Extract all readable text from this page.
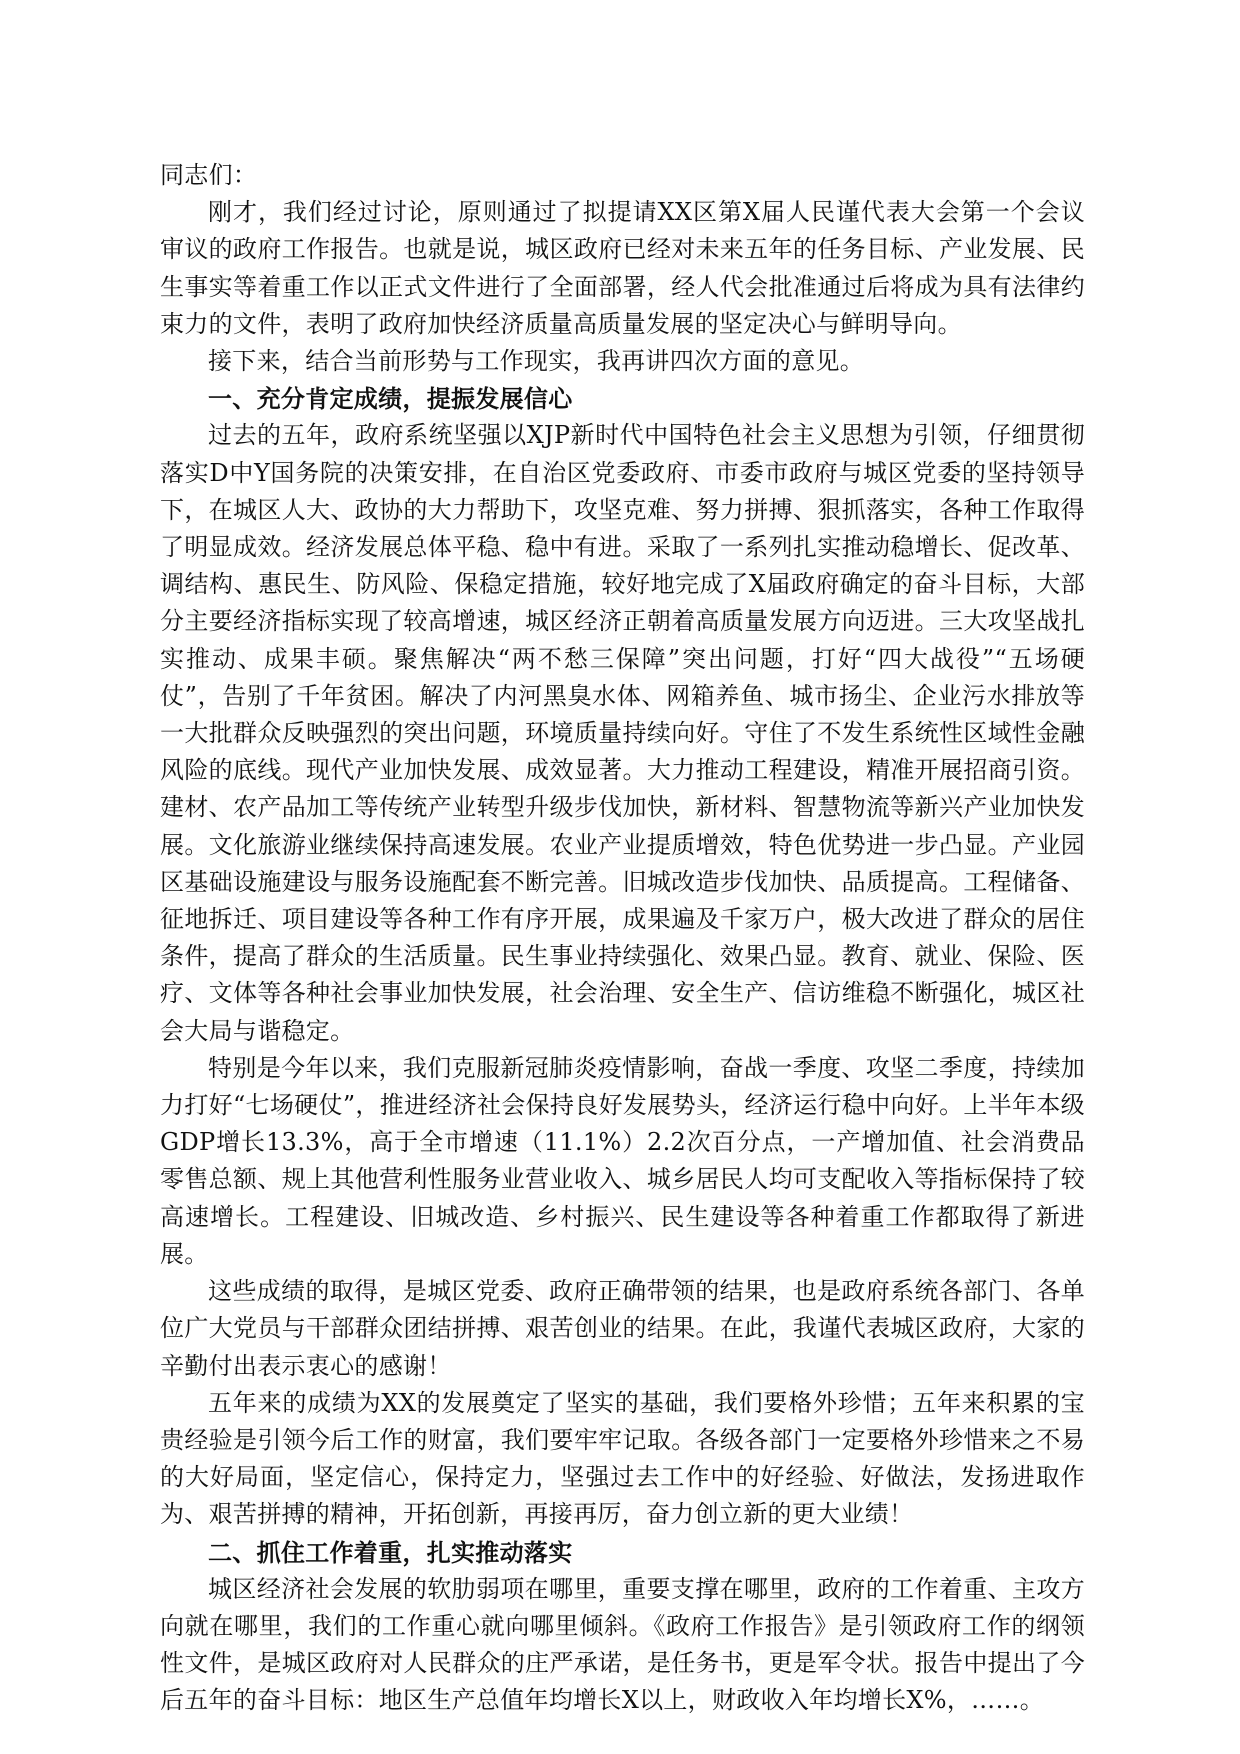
同志们：

刚才，我们经过讨论，原则通过了拟提请XX区第X届人民谨代表大会第一个会议审议的政府工作报告。也就是说，城区政府已经对未来五年的任务目标、产业发展、民生事实等着重工作以正式文件进行了全面部署，经人代会批准通过后将成为具有法律约束力的文件，表明了政府加快经济质量高质量发展的坚定决心与鲜明导向。

接下来，结合当前形势与工作现实，我再讲四次方面的意见。

一、充分肯定成绩，提振发展信心

过去的五年，政府系统坚强以XJP新时代中国特色社会主义思想为引领，仔细贯彻落实D中Y国务院的决策安排，在自治区党委政府、市委市政府与城区党委的坚持领导下，在城区人大、政协的大力帮助下，攻坚克难、努力拼搏、狠抓落实，各种工作取得了明显成效。经济发展总体平稳、稳中有进。采取了一系列扎实推动稳增长、促改革、调结构、惠民生、防风险、保稳定措施，较好地完成了X届政府确定的奋斗目标，大部分主要经济指标实现了较高增速，城区经济正朝着高质量发展方向迈进。三大攻坚战扎实推动、成果丰硕。聚焦解决“两不愁三保障”突出问题，打好“四大战役”“五场硬仗”，告别了千年贫困。解决了内河黑臭水体、网箱养鱼、城市扬尘、企业污水排放等一大批群众反映强烈的突出问题，环境质量持续向好。守住了不发生系统性区域性金融风险的底线。现代产业加快发展、成效显著。大力推动工程建设，精准开展招商引资。建材、农产品加工等传统产业转型升级步伐加快，新材料、智慧物流等新兴产业加快发展。文化旅游业继续保持高速发展。农业产业提质增效，特色优势进一步凸显。产业园区基础设施建设与服务设施配套不断完善。旧城改造步伐加快、品质提高。工程储备、征地拆迁、项目建设等各种工作有序开展，成果遍及千家万户，极大改进了群众的居住条件，提高了群众的生活质量。民生事业持续强化、效果凸显。教育、就业、保险、医疗、文体等各种社会事业加快发展，社会治理、安全生产、信访维稳不断强化，城区社会大局与谐稳定。

特别是今年以来，我们克服新冠肺炎疫情影响，奋战一季度、攻坚二季度，持续加力打好“七场硬仗”，推进经济社会保持良好发展势头，经济运行稳中向好。上半年本级GDP增长13.3%，高于全市增速（11.1%）2.2次百分点，一产增加值、社会消费品零售总额、规上其他营利性服务业营业收入、城乡居民人均可支配收入等指标保持了较高速增长。工程建设、旧城改造、乡村振兴、民生建设等各种着重工作都取得了新进展。

这些成绩的取得，是城区党委、政府正确带领的结果，也是政府系统各部门、各单位广大党员与干部群众团结拼搏、艰苦创业的结果。在此，我谨代表城区政府，大家的辛勤付出表示衷心的感谢！

五年来的成绩为XX的发展奠定了坚实的基础，我们要格外珍惜；五年来积累的宝贵经验是引领今后工作的财富，我们要牢牢记取。各级各部门一定要格外珍惜来之不易的大好局面，坚定信心，保持定力，坚强过去工作中的好经验、好做法，发扬进取作为、艰苦拼搏的精神，开拓创新，再接再厉，奋力创立新的更大业绩！

二、抓住工作着重，扎实推动落实

城区经济社会发展的软肋弱项在哪里，重要支撑在哪里，政府的工作着重、主攻方向就在哪里，我们的工作重心就向哪里倾斜。《政府工作报告》是引领政府工作的纲领性文件，是城区政府对人民群众的庄严承诺，是任务书，更是军令状。报告中提出了今后五年的奋斗目标：地区生产总值年均增长X以上，财政收入年均增长X%，……。
